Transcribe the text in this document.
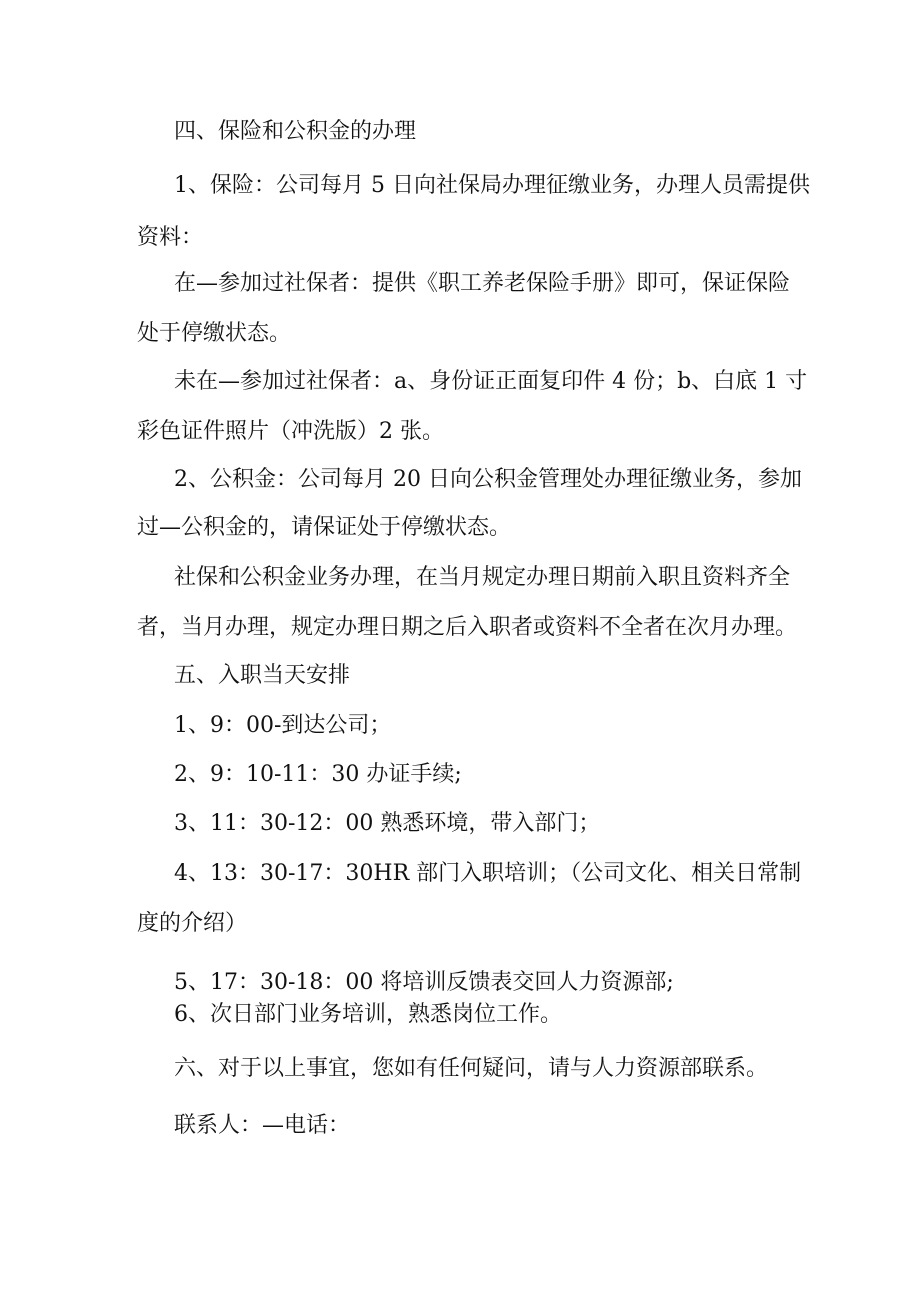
四、保险和公积金的办理
1、保险：公司每月 5 日向社保局办理征缴业务，办理人员需提供
资料：
在—参加过社保者：提供《职工养老保险手册》即可，保证保险
处于停缴状态。
未在—参加过社保者：a、身份证正面复印件 4 份；b、白底 1 寸
彩色证件照片（冲洗版）2 张。
2、公积金：公司每月 20 日向公积金管理处办理征缴业务，参加
过—公积金的，请保证处于停缴状态。
社保和公积金业务办理，在当月规定办理日期前入职且资料齐全
者，当月办理，规定办理日期之后入职者或资料不全者在次月办理。
五、入职当天安排
1、9：00-到达公司；
2、9：10-11：30 办证手续;
3、11：30-12：00 熟悉环境，带入部门；
4、13：30-17：30HR 部门入职培训；（公司文化、相关日常制
度的介绍）
5、17：30-18：00 将培训反馈表交回人力资源部;
6、次日部门业务培训，熟悉岗位工作。
六、对于以上事宜，您如有任何疑问，请与人力资源部联系。
联系人：—电话：
